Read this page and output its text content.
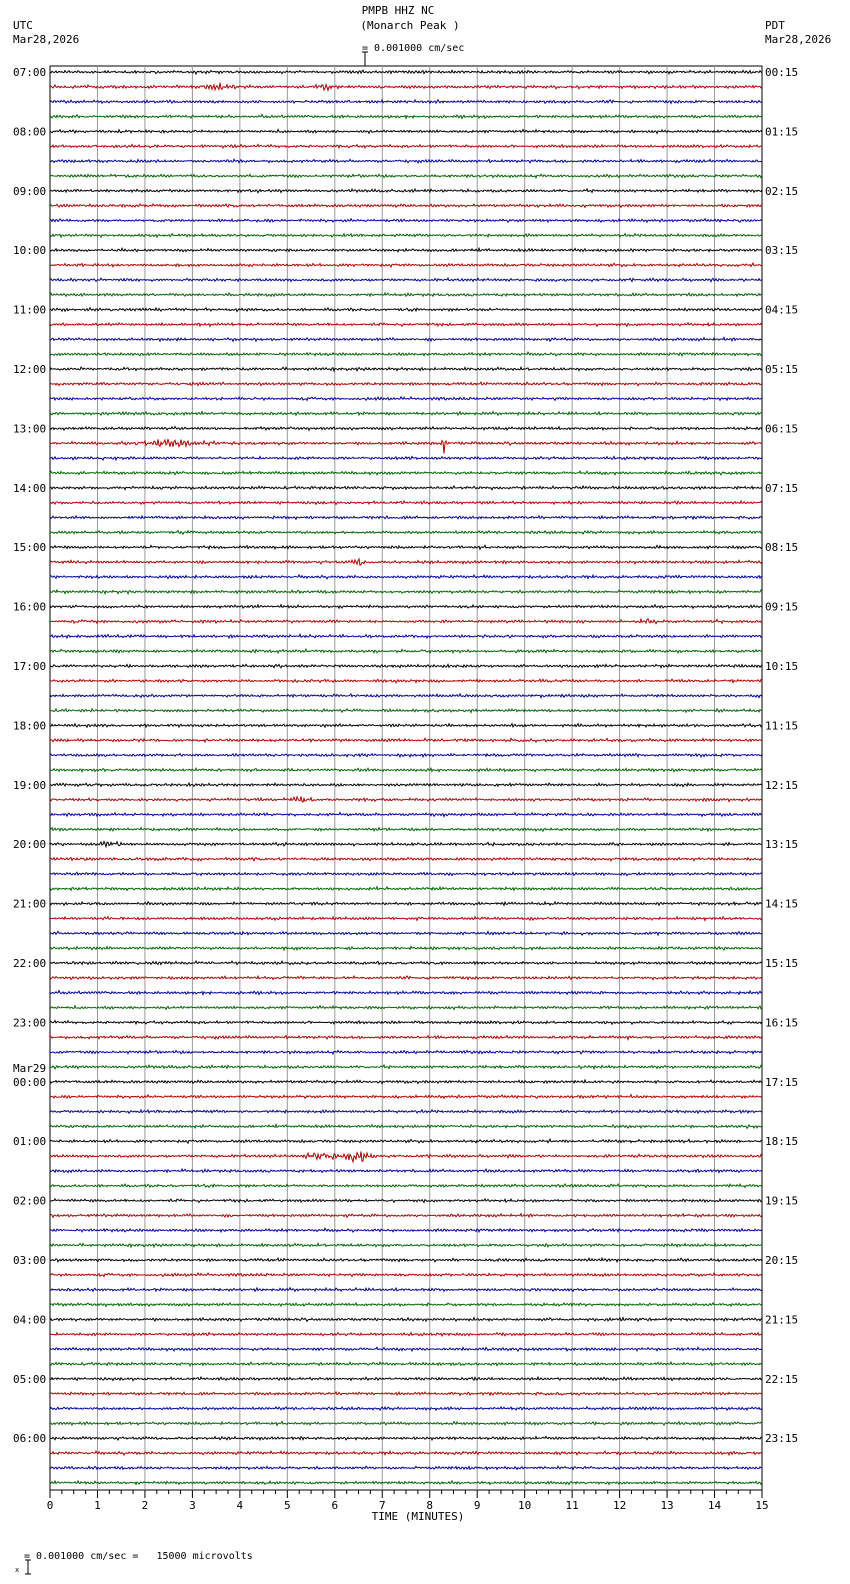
PMPB HHZ NC
(Monarch Peak )

= 0.001000 cm/sec
UTC
Mar28,2026
PDT
Mar28,2026
07:00	00:15
08:00	01:15
09:00	02:15
10:00	03:15
11:00	04:15
12:00	05:15
13:00	06:15
14:00	07:15
15:00	08:15
16:00	09:15
17:00	10:15
18:00	11:15
19:00	12:15
20:00	13:15
21:00	14:15
22:00	15:15
23:00	16:15
00:00	17:15
01:00	18:15
02:00	19:15
03:00	20:15
04:00	21:15
05:00	22:15
06:00	23:15
Mar29
0	1	2	3	4	5	6	7	8	9	10	11	12	13	14	15
TIME (MINUTES)

x

= 0.001000 cm/sec =   15000 microvolts
